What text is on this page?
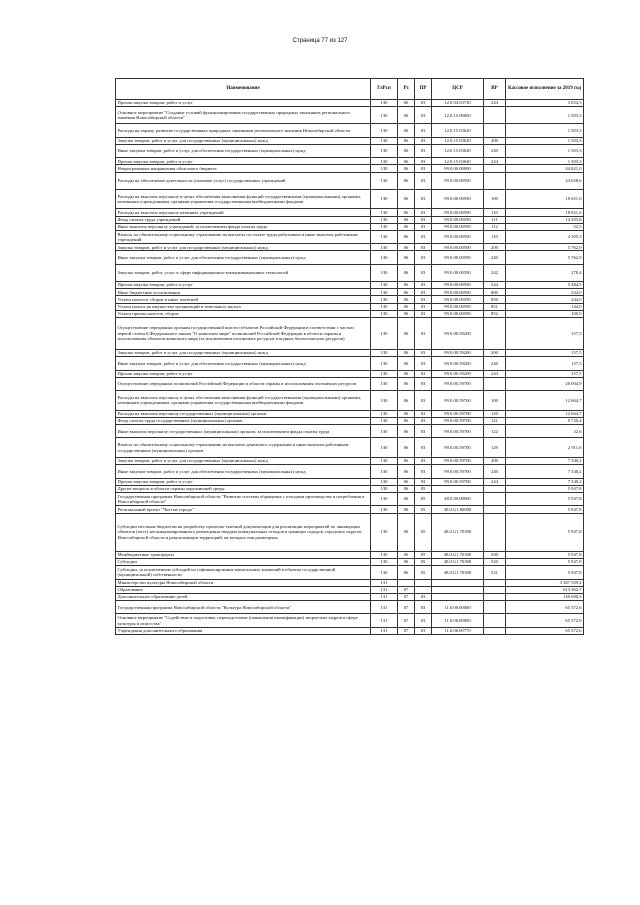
Страница 77 из 127
Наименование	ГлРсп	Рз	ПР	ЦСР	ВР	Кассовое исполнение за 2019 год
Прочая закупка товаров, работ и услуг	130	06	03	12.0.04.03730	244	3 654,3
Основное мероприятие "Создание условий функционирования государственных природных заказников регионального значения Новосибирской области"	130	06	03	12.0.15.00000		1 503,3
Расходы на охрану, развитие государственных природных заказников регионального значения Новосибирской области	130	06	03	12.0.15.03620		1 503,3
Закупка товаров, работ и услуг для государственных (муниципальных) нужд	130	06	03	12.0.15.03620	200	1 503,3
Иные закупки товаров, работ и услуг для обеспечения государственных (муниципальных) нужд	130	06	03	12.0.15.03620	240	1 503,3
Прочая закупка товаров, работ и услуг	130	06	03	12.0.15.03620	244	1 503,3
Непрограммные направления областного бюджета	130	06	03	99.0.00.00000		44 821,0
Расходы на обеспечение деятельности (оказание услуг) государственных учреждений	130	06	03	99.0.00.00590		24 658,6
Расходы на выплаты персоналу в целях обеспечения выполнения функций государственными (муниципальными) органами, казенными учреждениями, органами управления государственными внебюджетными фондами	130	06	03	99.0.00.00590	100	18 651,6
Расходы на выплаты персоналу казенных учреждений	130	06	03	99.0.00.00590	110	18 651,6
Фонд оплаты труда учреждений	130	06	03	99.0.00.00590	111	14 293,8
Иные выплаты персоналу учреждений, за исключением фонда оплаты труда	130	06	03	99.0.00.00590	112	52,5
Взносы по обязательному социальному страхованию на выплаты по оплате труда работников и иные выплаты работникам учреждений	130	06	03	99.0.00.00590	119	4 305,3
Закупка товаров, работ и услуг для государственных (муниципальных) нужд	130	06	03	99.0.00.00590	200	5 762,9
Иные закупки товаров, работ и услуг для обеспечения государственных (муниципальных) нужд	130	06	03	99.0.00.00590	240	5 762,9
Закупка товаров, работ, услуг в сфере информационно-коммуникационных технологий	130	06	03	99.0.00.00590	242	278,4
Прочая закупка товаров, работ и услуг	130	06	03	99.0.00.00590	244	5 484,5
Иные бюджетные ассигнования	130	06	03	99.0.00.00590	800	244,0
Уплата налогов, сборов и иных платежей	130	06	03	99.0.00.00590	850	244,0
Уплата налога на имущество организаций и земельного налога	130	06	03	99.0.00.00590	851	144,0
Уплата прочих налогов, сборов	130	06	03	99.0.00.00590	852	100,0
Осуществление переданных органам государственной власти субъектов Российской Федерации в соответствии с частью первой статьи 6 Федерального закона "О животном мире" полномочий Российской Федерации в области охраны и использования объектов животного мира (за исключением охотничьих ресурсов и водных биологических ресурсов)	130	06	03	99.0.00.59200		157,5
Закупка товаров, работ и услуг для государственных (муниципальных) нужд	130	06	03	99.0.00.59200	200	157,5
Иные закупки товаров, работ и услуг для обеспечения государственных (муниципальных) нужд	130	06	03	99.0.00.59200	240	157,5
Прочая закупка товаров, работ и услуг	130	06	03	99.0.00.59200	244	157,5
Осуществление переданных полномочий Российской Федерации в области охраны и использования охотничьих ресурсов	130	06	03	99.0.00.59700		20 004,9
Расходы на выплаты персоналу в целях обеспечения выполнения функций государственными (муниципальными) органами, казенными учреждениями, органами управления государственными внебюджетными фондами	130	06	03	99.0.00.59700	100	12 664,7
Расходы на выплаты персоналу государственных (муниципальных) органов	130	06	03	99.0.00.59700	120	12 664,7
Фонд оплаты труда государственных (муниципальных) органов	130	06	03	99.0.00.59700	121	9 720,4
Иные выплаты персоналу государственных (муниципальных) органов, за исключением фонда оплаты труда	130	06	03	99.0.00.59700	122	32,6
Взносы по обязательному социальному страхованию на выплаты денежного содержания и иные выплаты работникам государственных (муниципальных) органов	130	06	03	99.0.00.59700	129	2 911,6
Закупка товаров, работ и услуг для государственных (муниципальных) нужд	130	06	03	99.0.00.59700	200	7 340,2
Иные закупки товаров, работ и услуг для обеспечения государственных (муниципальных) нужд	130	06	03	99.0.00.59700	240	7 340,2
Прочая закупка товаров, работ и услуг	130	06	03	99.0.00.59700	244	7 340,2
Другие вопросы в области охраны окружающей среды	130	06	05			5 947,8
Государственная программа Новосибирской области "Развитие системы обращения с отходами производства и потребления в Новосибирской области"	130	06	05	48.0.00.00000		5 947,8
Региональный проект "Чистые города"	130	06	05	48.0.G1.00000		5 947,8
Субсидии местным бюджетам на разработку проектно-сметной документации для реализации мероприятий по ликвидации объектов (мест) несанкционированного размещения твердых коммунальных отходов в границах городов, городских округов Новосибирской области и рекультивации территорий, на которых они размещены	130	06	05	48.0.G1.70300		5 947,8
Межбюджетные трансферты	130	06	05	48.0.G1.70300	500	5 947,8
Субсидии	130	06	05	48.0.G1.70300	520	5 947,8
Субсидии, за исключением субсидий на софинансирование капитальных вложений в объекты государственной (муниципальной) собственности	130	06	05	48.0.G1.70300	521	5 947,8
Министерство культуры Новосибирской области	131					3 387 509,4
Образование	131	07				613 362,7
Дополнительное образование детей	131	07	03			140 690,3
Государственная программа Новосибирской области "Культура Новосибирской области"	131	07	03	11.0.00.00000		65 372,6
Основное мероприятие "Содействие в подготовке, переподготовке (повышении квалификации) творческих кадров в сфере культуры и искусства"	131	07	03	11.0.06.00000		65 372,6
Учреждения дополнительного образования	131	07	03	11.0.06.00770		65 372,6
